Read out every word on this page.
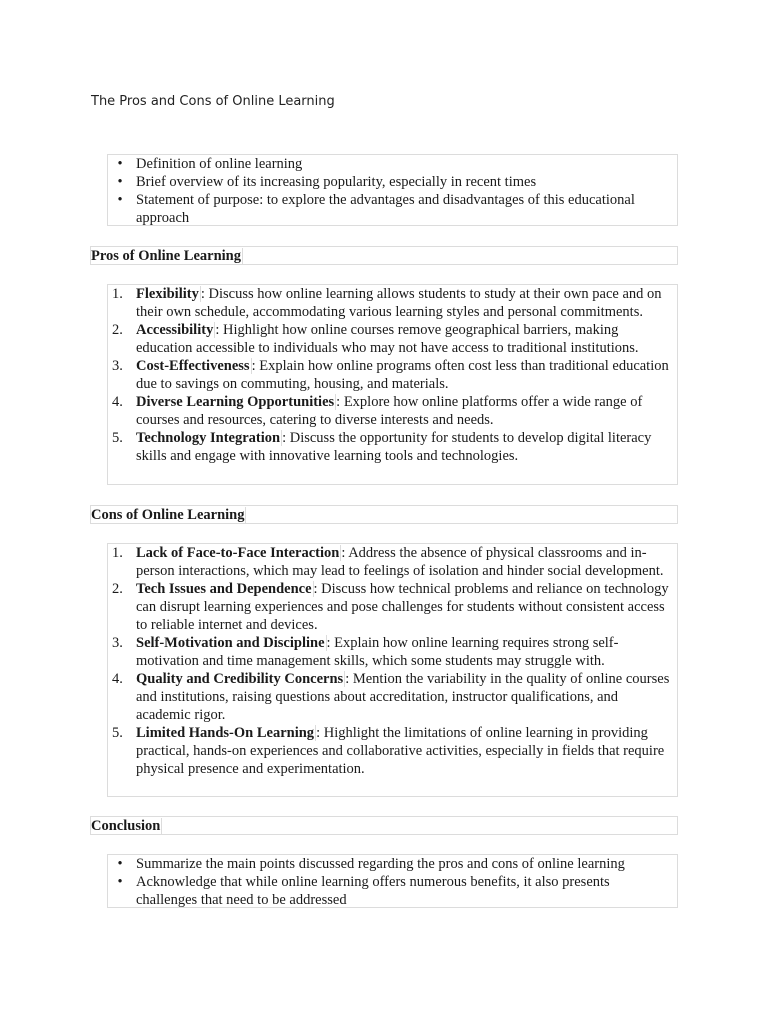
The Pros and Cons of Online Learning
• Definition of online learning
• Brief overview of its increasing popularity, especially in recent times
• Statement of purpose: to explore the advantages and disadvantages of this educational approach
Pros of Online Learning
1. Flexibility : Discuss how online learning allows students to study at their own pace and on their own schedule, accommodating various learning styles and personal commitments.
2. Accessibility : Highlight how online courses remove geographical barriers, making education accessible to individuals who may not have access to traditional institutions.
3. Cost-Effectiveness : Explain how online programs often cost less than traditional education due to savings on commuting, housing, and materials.
4. Diverse Learning Opportunities : Explore how online platforms offer a wide range of courses and resources, catering to diverse interests and needs.
5. Technology Integration : Discuss the opportunity for students to develop digital literacy skills and engage with innovative learning tools and technologies.
Cons of Online Learning
1. Lack of Face-to-Face Interaction : Address the absence of physical classrooms and in-person interactions, which may lead to feelings of isolation and hinder social development.
2. Tech Issues and Dependence : Discuss how technical problems and reliance on technology can disrupt learning experiences and pose challenges for students without consistent access to reliable internet and devices.
3. Self-Motivation and Discipline : Explain how online learning requires strong self-motivation and time management skills, which some students may struggle with.
4. Quality and Credibility Concerns : Mention the variability in the quality of online courses and institutions, raising questions about accreditation, instructor qualifications, and academic rigor.
5. Limited Hands-On Learning : Highlight the limitations of online learning in providing practical, hands-on experiences and collaborative activities, especially in fields that require physical presence and experimentation.
Conclusion
• Summarize the main points discussed regarding the pros and cons of online learning
• Acknowledge that while online learning offers numerous benefits, it also presents challenges that need to be addressed
